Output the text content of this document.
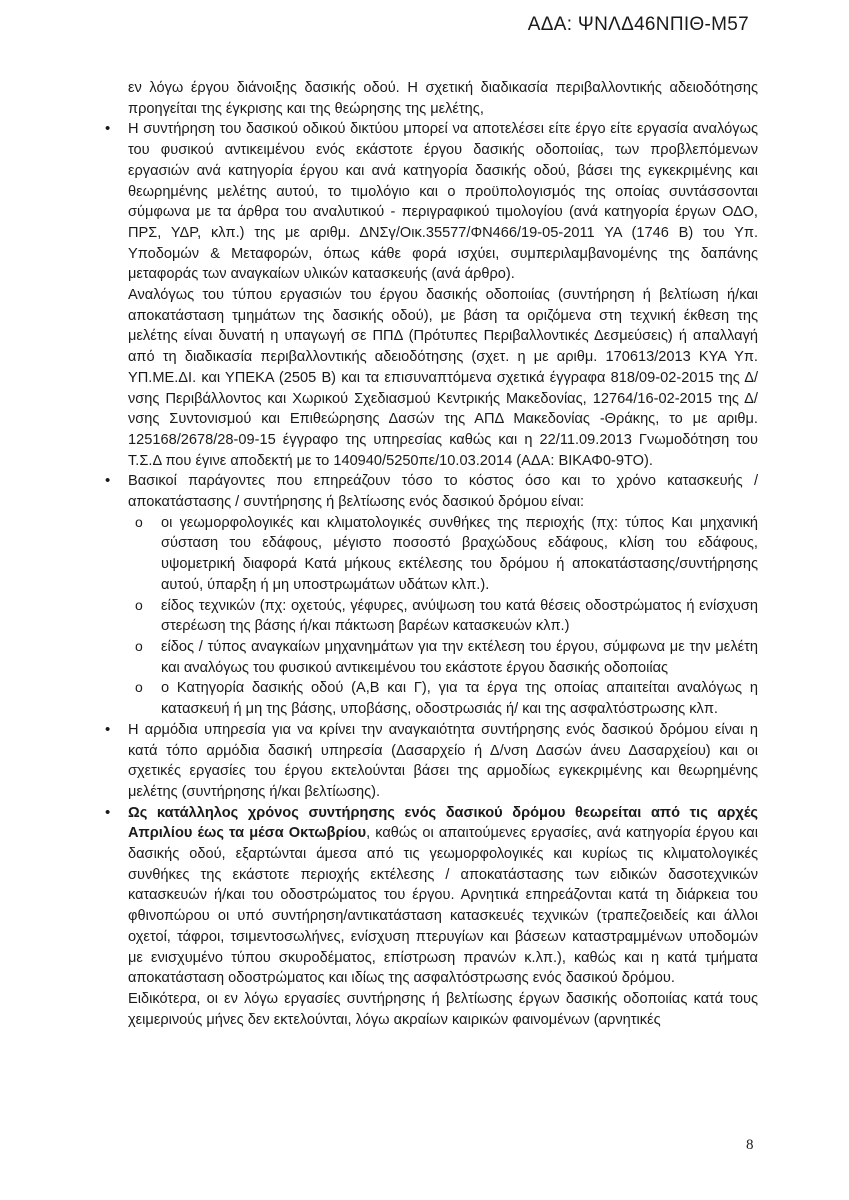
ΑΔΑ: ΨΝΛΔ46ΝΠΙΘ-Μ57

εν λόγω έργου διάνοιξης δασικής οδού. Η σχετική διαδικασία περιβαλλοντικής αδειοδότησης προηγείται της έγκρισης και της θεώρησης της μελέτης,

• Η συντήρηση του δασικού οδικού δικτύου μπορεί να αποτελέσει είτε έργο είτε εργασία αναλόγως του φυσικού αντικειμένου ενός εκάστοτε έργου δασικής οδοποιίας, των προβλεπόμενων εργασιών ανά κατηγορία έργου και ανά κατηγορία δασικής οδού, βάσει της εγκεκριμένης και θεωρημένης μελέτης αυτού, το τιμολόγιο και ο προϋπολογισμός της οποίας συντάσσονται σύμφωνα με τα άρθρα του αναλυτικού - περιγραφικού τιμολογίου (ανά κατηγορία έργων ΟΔΟ, ΠΡΣ, ΥΔΡ, κλπ.) της με αριθμ. ΔΝΣγ/Οικ.35577/ΦΝ466/19-05-2011 ΥΑ (1746 Β) του Υπ. Υποδομών & Μεταφορών, όπως κάθε φορά ισχύει, συμπεριλαμβανομένης της δαπάνης μεταφοράς των αναγκαίων υλικών κατασκευής (ανά άρθρο).

Αναλόγως του τύπου εργασιών του έργου δασικής οδοποιίας (συντήρηση ή βελτίωση ή/και αποκατάσταση τμημάτων της δασικής οδού), με βάση τα οριζόμενα στη τεχνική έκθεση της μελέτης είναι δυνατή η υπαγωγή σε ΠΠΔ (Πρότυπες Περιβαλλοντικές Δεσμεύσεις) ή απαλλαγή από τη διαδικασία περιβαλλοντικής αδειοδότησης (σχετ. η με αριθμ. 170613/2013 ΚΥΑ Υπ. ΥΠ.ΜΕ.ΔΙ. και ΥΠΕΚΑ (2505 Β) και τα επισυναπτόμενα σχετικά έγγραφα 818/09-02-2015 της Δ/νσης Περιβάλλοντος και Χωρικού Σχεδιασμού Κεντρικής Μακεδονίας, 12764/16-02-2015 της Δ/νσης Συντονισμού και Επιθεώρησης Δασών της ΑΠΔ Μακεδονίας -Θράκης, το με αριθμ. 125168/2678/28-09-15 έγγραφο της υπηρεσίας καθώς και η 22/11.09.2013 Γνωμοδότηση του Τ.Σ.Δ που έγινε αποδεκτή με το 140940/5250πε/10.03.2014 (ΑΔΑ: ΒΙΚΑΦ0-9ΤΟ).

• Βασικοί παράγοντες που επηρεάζουν τόσο το κόστος όσο και το χρόνο κατασκευής / αποκατάστασης / συντήρησης ή βελτίωσης ενός δασικού δρόμου είναι:

o οι γεωμορφολογικές και κλιματολογικές συνθήκες της περιοχής (πχ: τύπος Και μηχανική σύσταση του εδάφους, μέγιστο ποσοστό βραχώδους εδάφους, κλίση του εδάφους, υψομετρική διαφορά Κατά μήκους εκτέλεσης του δρόμου ή αποκατάστασης/συντήρησης αυτού, ύπαρξη ή μη υποστρωμάτων υδάτων κλπ.).

o είδος τεχνικών (πχ: οχετούς, γέφυρες, ανύψωση του κατά θέσεις οδοστρώματος ή ενίσχυση στερέωση της βάσης ή/και πάκτωση βαρέων κατασκευών κλπ.)

o είδος / τύπος αναγκαίων μηχανημάτων για την εκτέλεση του έργου, σύμφωνα με την μελέτη και αναλόγως του φυσικού αντικειμένου του εκάστοτε έργου δασικής οδοποιίας

o ο Κατηγορία δασικής οδού (Α,Β και Γ), για τα έργα της οποίας απαιτείται αναλόγως η κατασκευή ή μη της βάσης, υποβάσης, οδοστρωσιάς ή/ και της ασφαλτόστρωσης κλπ.

• Η αρμόδια υπηρεσία για να κρίνει την αναγκαιότητα συντήρησης ενός δασικού δρόμου είναι η κατά τόπο αρμόδια δασική υπηρεσία (Δασαρχείο ή Δ/νση Δασών άνευ Δασαρχείου) και οι σχετικές εργασίες του έργου εκτελούνται βάσει της αρμοδίως εγκεκριμένης και θεωρημένης μελέτης (συντήρησης ή/και βελτίωσης).

• Ως κατάλληλος χρόνος συντήρησης ενός δασικού δρόμου θεωρείται από τις αρχές Απριλίου έως τα μέσα Οκτωβρίου, καθώς οι απαιτούμενες εργασίες, ανά κατηγορία έργου και δασικής οδού, εξαρτώνται άμεσα από τις γεωμορφολογικές και κυρίως τις κλιματολογικές συνθήκες της εκάστοτε περιοχής εκτέλεσης / αποκατάστασης των ειδικών δασοτεχνικών κατασκευών ή/και του οδοστρώματος του έργου. Αρνητικά επηρεάζονται κατά τη διάρκεια του φθινοπώρου οι υπό συντήρηση/αντικατάσταση κατασκευές τεχνικών (τραπεζοειδείς και άλλοι οχετοί, τάφροι, τσιμεντοσωλήνες, ενίσχυση πτερυγίων και βάσεων καταστραμμένων υποδομών με ενισχυμένο τύπου σκυροδέματος, επίστρωση πρανών κ.λπ.), καθώς και η κατά τμήματα αποκατάσταση οδοστρώματος και ιδίως της ασφαλτόστρωσης ενός δασικού δρόμου.

Ειδικότερα, οι εν λόγω εργασίες συντήρησης ή βελτίωσης έργων δασικής οδοποιίας κατά τους χειμερινούς μήνες δεν εκτελούνται, λόγω ακραίων καιρικών φαινομένων (αρνητικές

8
